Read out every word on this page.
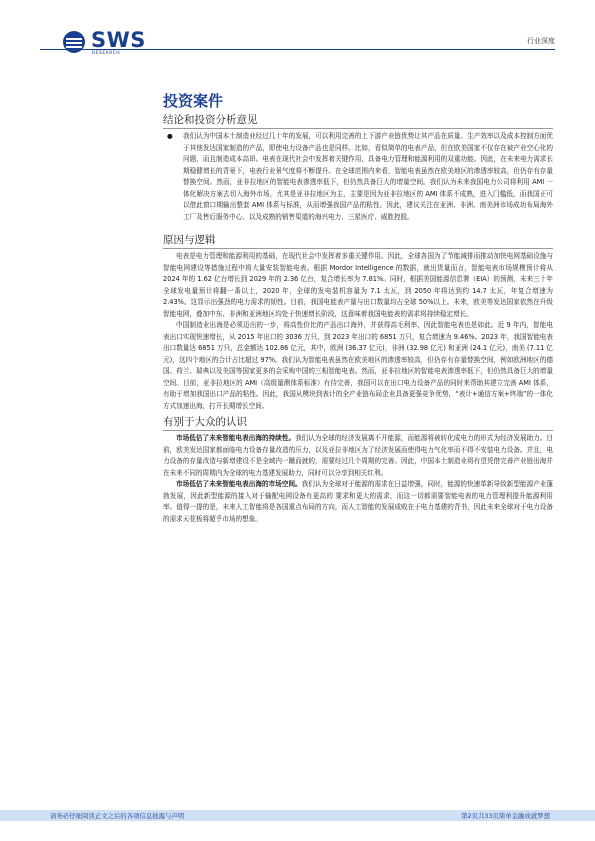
SWS
RESEARCH
行业深度
投资案件
结论和投资分析意见
● 我们认为中国本土制造业经过几十年的发展，可以利用完善的上下游产业链优势让其产品在质量、生产效率以及成本控制方面优于其他发达国家制造的产品，即使电力设备产品也是同样。比如，看似简单的电表产品，但在欧美国家不仅存在被产业空心化的问题，而且制造成本高昂。电表在现代社会中发挥着关键作用，具备电力管理和能源利用的双重功能。因此，在未来电力需求长期稳健增长的背景下，电表行业景气度将不断提升。在全球范围内来看，智能电表虽然在欧美地区的渗透率较高，但仍存有存量替换空间。然而，亚非拉地区的智能电表渗透率低下，但仍然具备巨大的增量空间。我们认为未来我国电力公司将利用 AMI 一体化解决方案去切入海外市场，尤其是亚非拉地区为主，主要是因为亚非拉地区的 AMI 体系不成熟，进入门槛低，而我国正可以借此窗口期输出整套 AMI 体系与标准，从而增强我国产品的粘性。因此，建议关注在亚洲、非洲、南美洲市场成功布局海外工厂及售后服务中心、以及成熟的销售渠道的海兴电力、三星医疗、威胜控股。

原因与逻辑

电表是电力管理和能源利用的基础，在现代社会中发挥着多重关键作用。因此，全球各国为了节能减排而推动加快电网基础设施与智能电网建设等措施过程中将大量安装智能电表。根据 Mordor Intelligence 的数据，就出货量而言，智能电表市场规模预计将从 2024 年的 1.62 亿台增长到 2029 年的 2.36 亿台，复合增长率为 7.81%。同时，根据美国能源信息署（EIA）的预测，未来三十年全球发电量预计将翻一番以上，2020 年，全球的发电装机容量为 7.1 太瓦，到 2050 年将达到约 14.7 太瓦，年复合增速为 2.43%。这显示出强劲的电力需求的韧性。目前，我国电能表产量与出口数量均占全球 50%以上。未来，欧美等发达国家依然在升级智能电网，叠加中东、非洲和亚洲地区均处于快速增长阶段，这意味着我国电能表的需求将持续稳定增长。

中国制造业出海是必须迈出的一步，将高性价比的产品出口海外，并获得高毛利率，因此智能电表也是如此。近 9 年内，智能电表出口实现快速增长，从 2015 年出口的 3036 万只，到 2023 年出口的 6851 万只，复合增速为 9.46%。2023 年，我国智能电表出口数量达 6851 万只，总金额达 102.86 亿元，其中，欧洲 (36.37 亿元)，非洲 (32.98 亿元) 和亚洲 (24.1 亿元)，南美 (7.11 亿元)，这四个地区的合计占比超过 97%。我们认为智能电表虽然在欧美地区的渗透率较高，但仍存有存量替换空间，例如欧洲地区的德国、荷兰、瑞典以及美国等国家更多的会采购中国的三相智能电表。然而，亚非拉地区的智能电表渗透率低下，但仍然具备巨大的增量空间。目前，亚非拉地区的 AMI（高级量测体系标准）有待完善，我国可以在出口电力设备产品的同时来帮助其建立完善 AMI 体系，有助于增加我国出口产品的粘性。因此，我国从模块到表计的全产业链布局企业具备更强竞争优势，“表计+通信方案+终端”的一体化方式加速出海，打开长期增长空间。

有别于大众的认识

市场低估了未来智能电表出海的持续性。我们认为全球的经济发展离不开能源，而能源将被转化成电力的形式为经济发展助力。目前，欧美发达国家都面临电力设备存量改造的压力，以及亚拉非地区为了经济发展而使得电力气化率而不得不安装电力设备。并且，电力设备的存量改造与新增建设不是全域内一蹴而就的，需要经过几个周期的完善。因此，中国本土制造业将有望凭借完善产业链出海并在未来不同的周期内为全球的电力基建发展助力，同时可以分享到相关红利。

市场低估了未来智能电表出海的市场空间。我们认为全球对于能源的需求在日益增强，同时，能源的快速革新导致新型能源产业蓬勃发展，因此新型能源的接入对于输配电网设备有更高的 要求和更大的需求，而这一切都需要智能电表的电力管理利提升能源利用率。值得一提的是，未来人工智能将是各国重点布局的方向，而人工智能的发展成败在于电力基建的背书，因此未来全球对于电力设备的需求天花板将超乎市场的想象。

请务必仔细阅读正文之后的各项信息披露与声明	第2页共33页简单金融成就梦想
